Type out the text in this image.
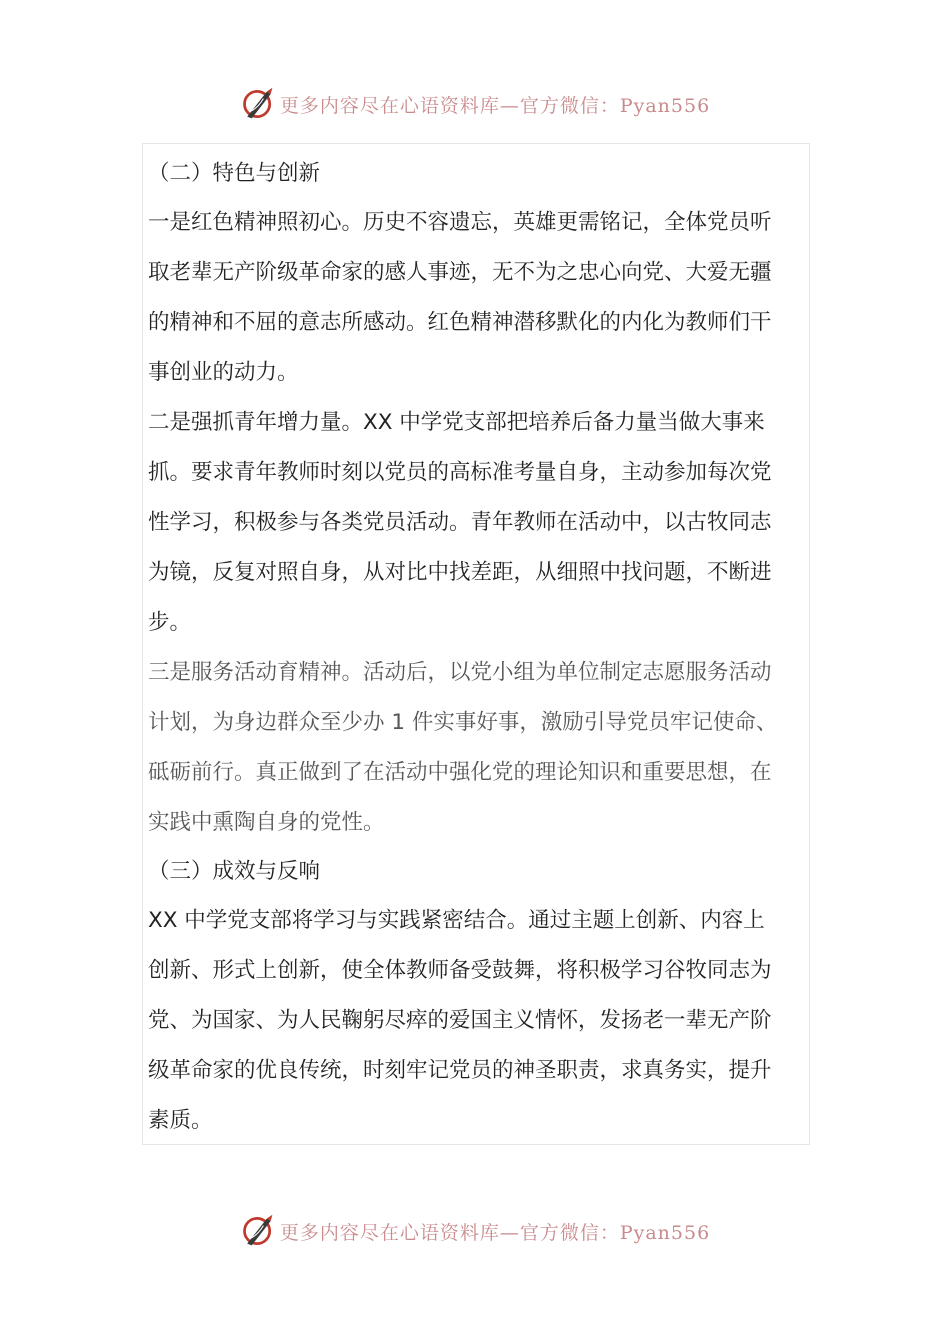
更多内容尽在心语资料库—官方微信：Pyan556

（二）特色与创新

一是红色精神照初心。历史不容遗忘，英雄更需铭记，全体党员听

取老辈无产阶级革命家的感人事迹，无不为之忠心向党、大爱无疆

的精神和不屈的意志所感动。红色精神潜移默化的内化为教师们干

事创业的动力。

二是强抓青年增力量。XX 中学党支部把培养后备力量当做大事来

抓。要求青年教师时刻以党员的高标准考量自身，主动参加每次党

性学习，积极参与各类党员活动。青年教师在活动中，以古牧同志

为镜，反复对照自身，从对比中找差距，从细照中找问题，不断进

步。

三是服务活动育精神。活动后，以党小组为单位制定志愿服务活动

计划，为身边群众至少办 1 件实事好事，激励引导党员牢记使命、

砥砺前行。真正做到了在活动中强化党的理论知识和重要思想，在

实践中熏陶自身的党性。

（三）成效与反响

XX 中学党支部将学习与实践紧密结合。通过主题上创新、内容上

创新、形式上创新，使全体教师备受鼓舞，将积极学习谷牧同志为

党、为国家、为人民鞠躬尽瘁的爱国主义情怀，发扬老一辈无产阶

级革命家的优良传统，时刻牢记党员的神圣职责，求真务实，提升

素质。

更多内容尽在心语资料库—官方微信：Pyan556
